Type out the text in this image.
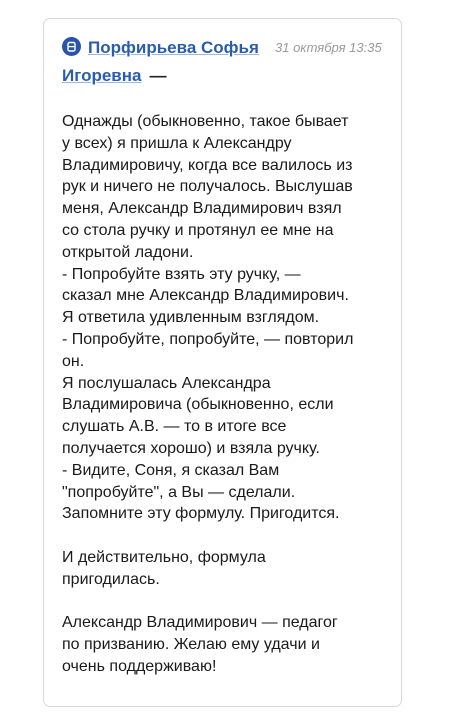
Порфирьева Софья 31 октября 13:35
Игоревна —
Однажды (обыкновенно, такое бывает
у всех) я пришла к Александру
Владимировичу, когда все валилось из
рук и ничего не получалось. Выслушав
меня, Александр Владимирович взял
со стола ручку и протянул ее мне на
открытой ладони.
- Попробуйте взять эту ручку, —
сказал мне Александр Владимирович.
Я ответила удивленным взглядом.
- Попробуйте, попробуйте, — повторил
он.
Я послушалась Александра
Владимировича (обыкновенно, если
слушать А.В. — то в итоге все
получается хорошо) и взяла ручку.
- Видите, Соня, я сказал Вам
"попробуйте", а Вы — сделали.
Запомните эту формулу. Пригодится.
И действительно, формула
пригодилась.
Александр Владимирович — педагог
по призванию. Желаю ему удачи и
очень поддерживаю!
